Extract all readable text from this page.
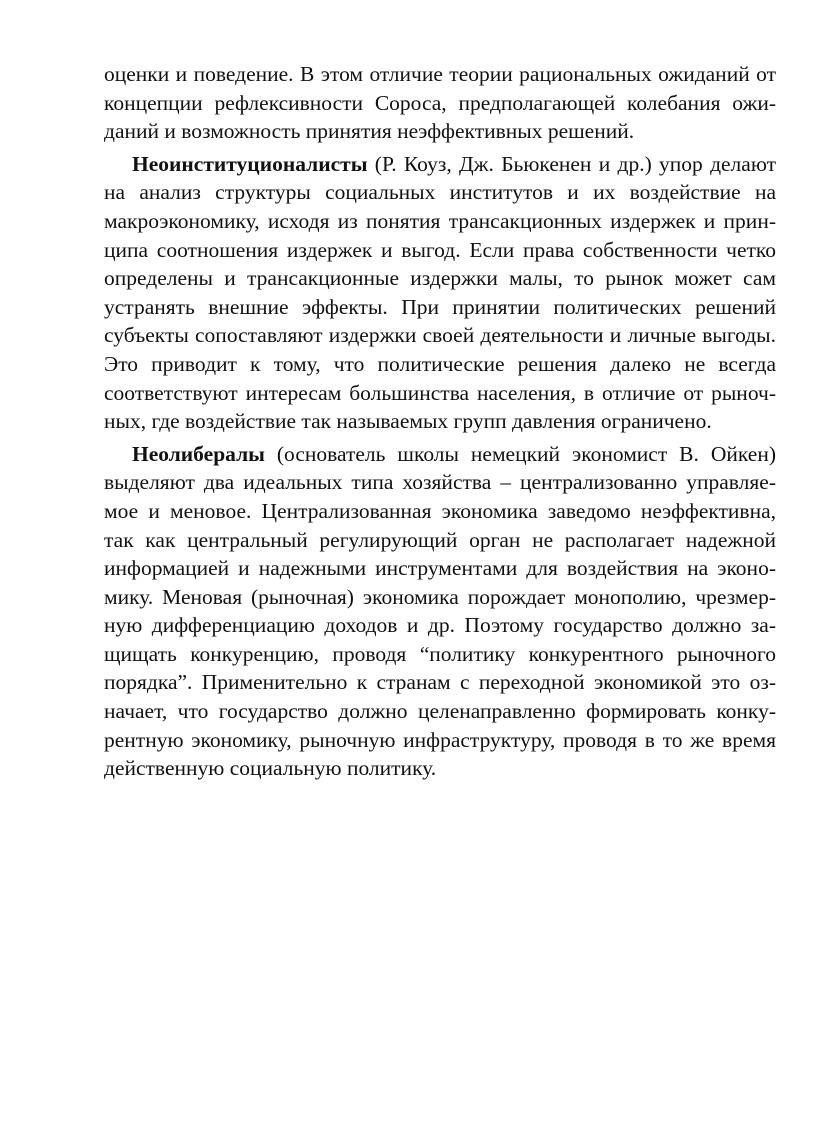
оценки и поведение. В этом отличие теории рациональных ожиданий от концепции рефлексивности Сороса, предполагающей колебания ожиданий и возможность принятия неэффективных решений.

Неоинституционалисты (Р. Коуз, Дж. Бьюкенен и др.) упор делают на анализ структуры социальных институтов и их воздействие на макроэкономику, исходя из понятия трансакционных издержек и принципа соотношения издержек и выгод. Если права собственности четко определены и трансакционные издержки малы, то рынок может сам устранять внешние эффекты. При принятии политических решений субъекты сопоставляют издержки своей деятельности и личные выгоды. Это приводит к тому, что политические решения далеко не всегда соответствуют интересам большинства населения, в отличие от рыночных, где воздействие так называемых групп давления ограничено.

Неолибералы (основатель школы немецкий экономист В. Ойкен) выделяют два идеальных типа хозяйства – централизованно управляемое и меновое. Централизованная экономика заведомо неэффективна, так как центральный регулирующий орган не располагает надежной информацией и надежными инструментами для воздействия на экономику. Меновая (рыночная) экономика порождает монополию, чрезмерную дифференциацию доходов и др. Поэтому государство должно защищать конкуренцию, проводя “политику конкурентного рыночного порядка”. Применительно к странам с переходной экономикой это означает, что государство должно целенаправленно формировать конкурентную экономику, рыночную инфраструктуру, проводя в то же время действенную социальную политику.
